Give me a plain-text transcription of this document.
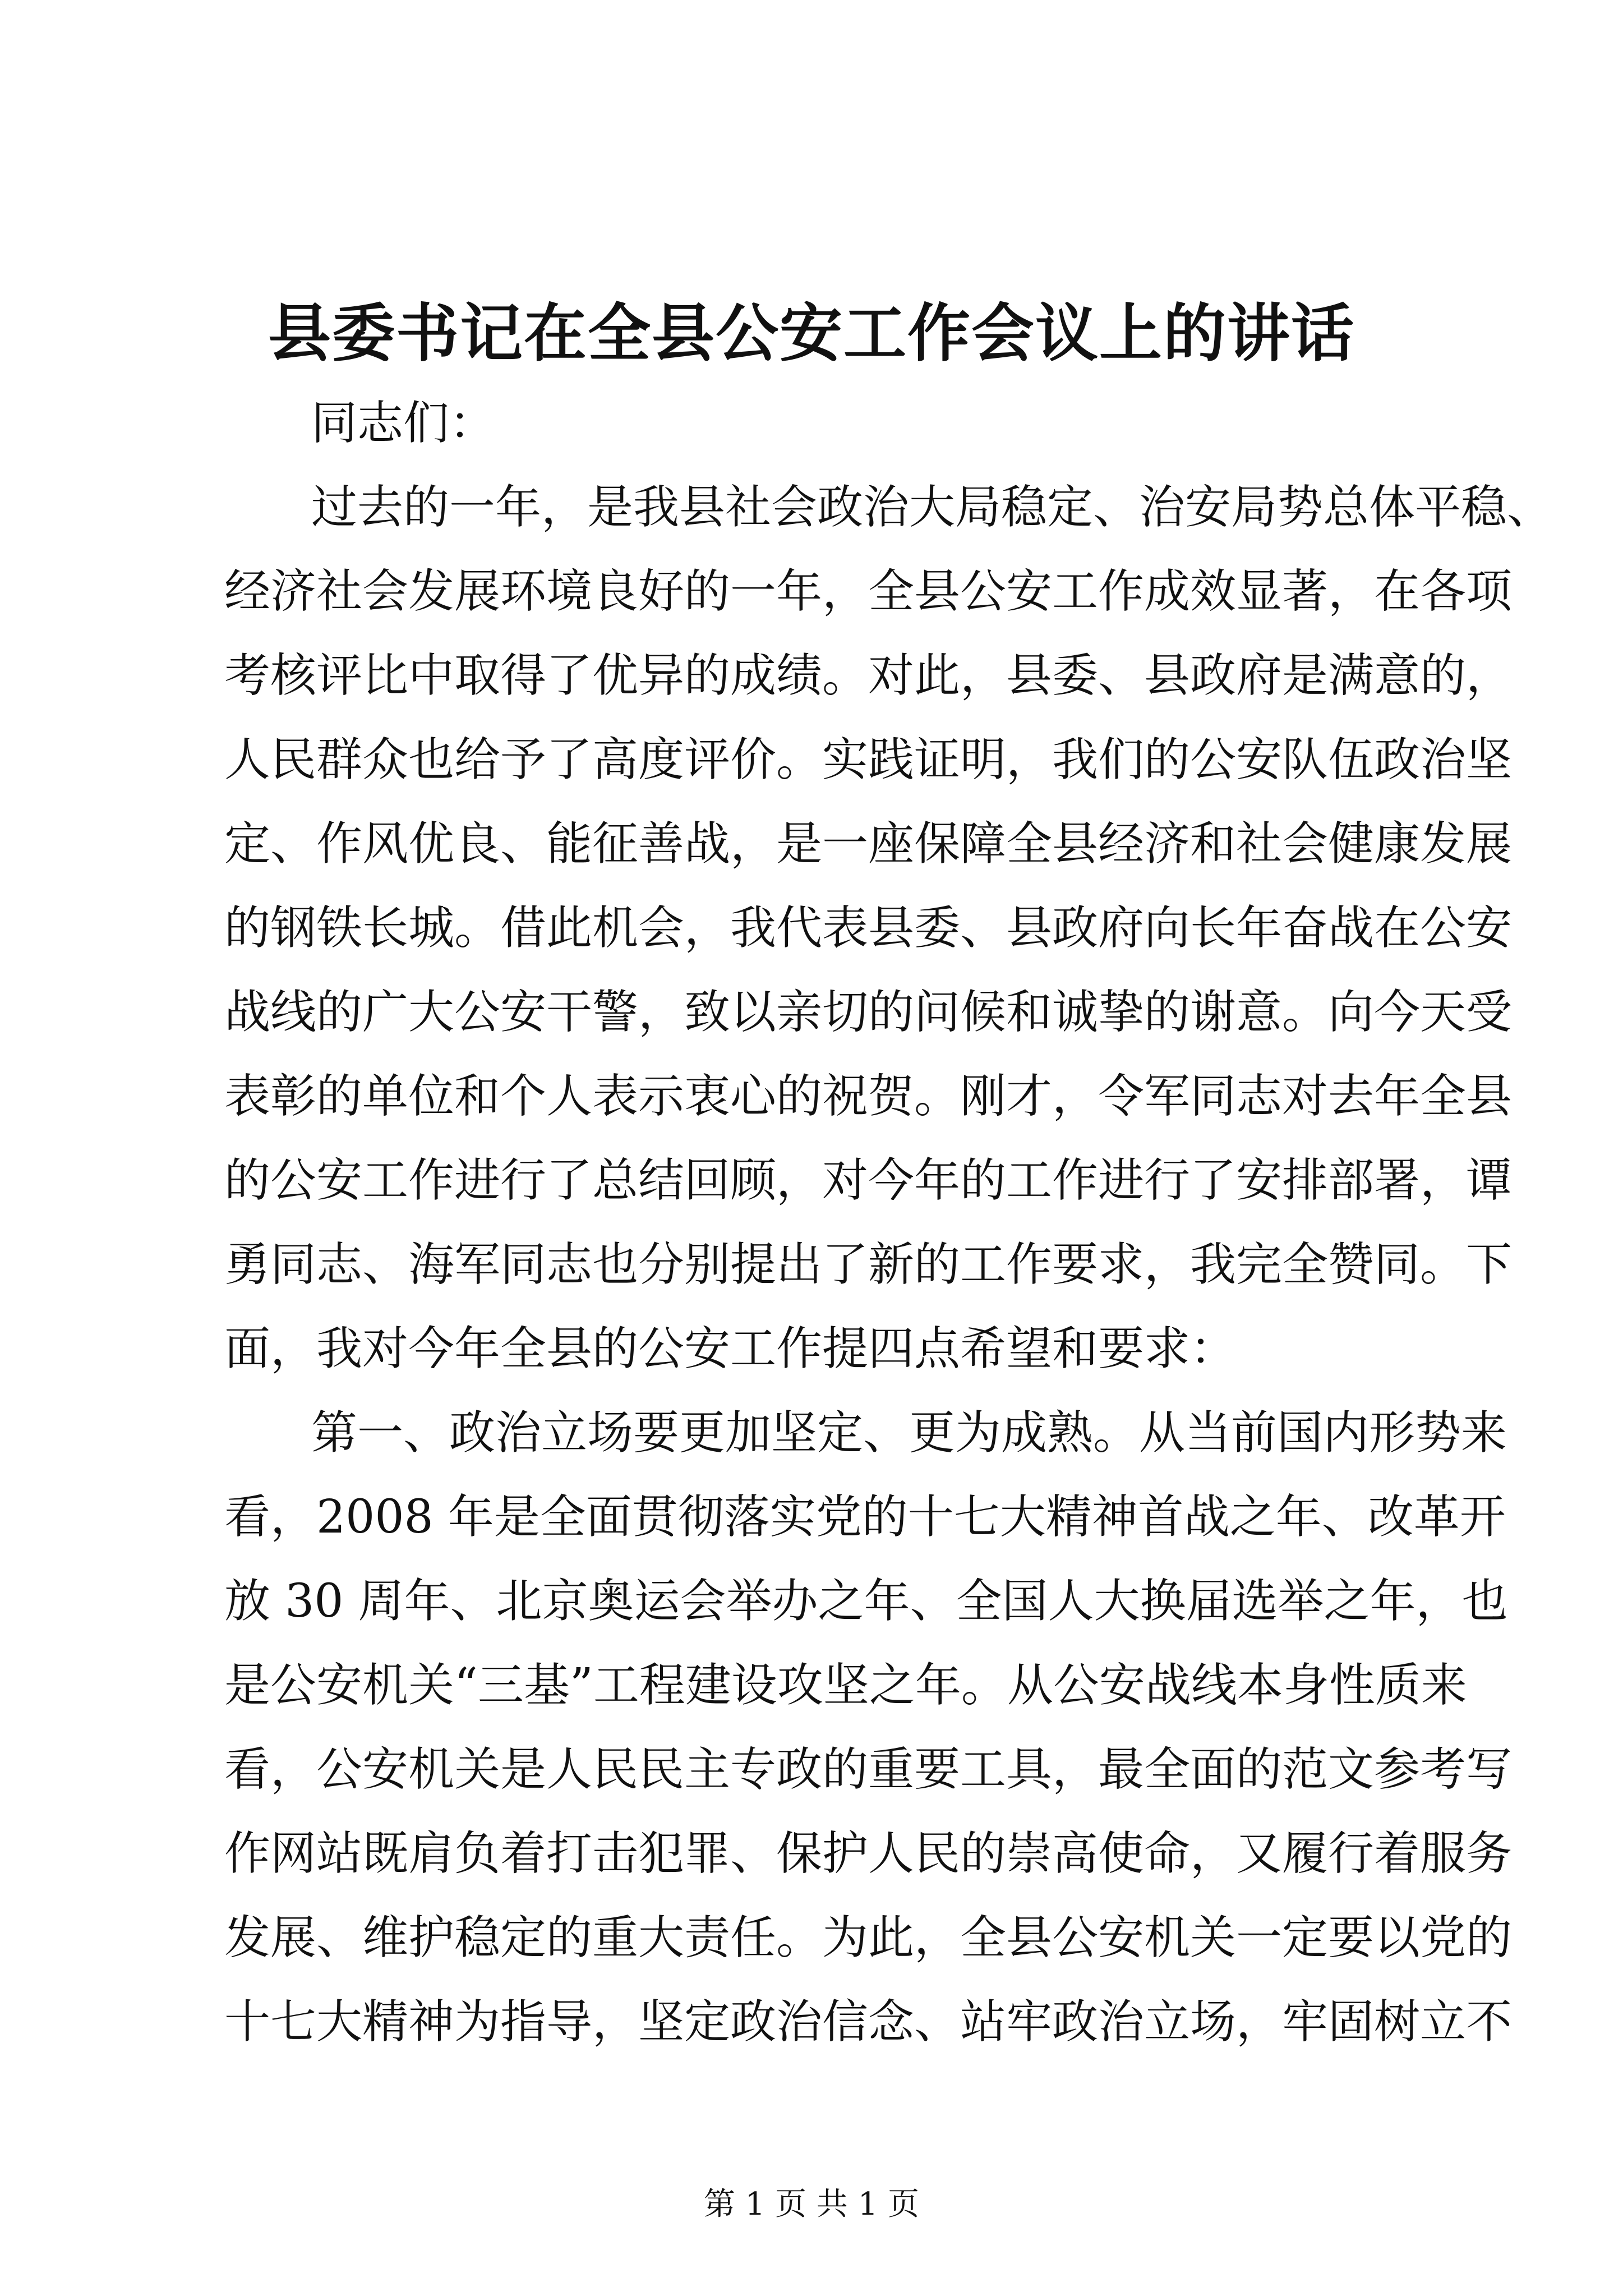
县委书记在全县公安工作会议上的讲话
同志们：
过去的一年，是我县社会政治大局稳定、治安局势总体平稳、
经济社会发展环境良好的一年，全县公安工作成效显著，在各项
考核评比中取得了优异的成绩。对此，县委、县政府是满意的，
人民群众也给予了高度评价。实践证明，我们的公安队伍政治坚
定、作风优良、能征善战，是一座保障全县经济和社会健康发展
的钢铁长城。借此机会，我代表县委、县政府向长年奋战在公安
战线的广大公安干警，致以亲切的问候和诚挚的谢意。向今天受
表彰的单位和个人表示衷心的祝贺。刚才，令军同志对去年全县
的公安工作进行了总结回顾，对今年的工作进行了安排部署，谭
勇同志、海军同志也分别提出了新的工作要求，我完全赞同。下
面，我对今年全县的公安工作提四点希望和要求：
第一、政治立场要更加坚定、更为成熟。从当前国内形势来
看，2008 年是全面贯彻落实党的十七大精神首战之年、改革开
放 30 周年、北京奥运会举办之年、全国人大换届选举之年，也
是公安机关“三基”工程建设攻坚之年。从公安战线本身性质来
看，公安机关是人民民主专政的重要工具，最全面的范文参考写
作网站既肩负着打击犯罪、保护人民的崇高使命，又履行着服务
发展、维护稳定的重大责任。为此，全县公安机关一定要以党的
十七大精神为指导，坚定政治信念、站牢政治立场，牢固树立不
第 1 页 共 1 页
